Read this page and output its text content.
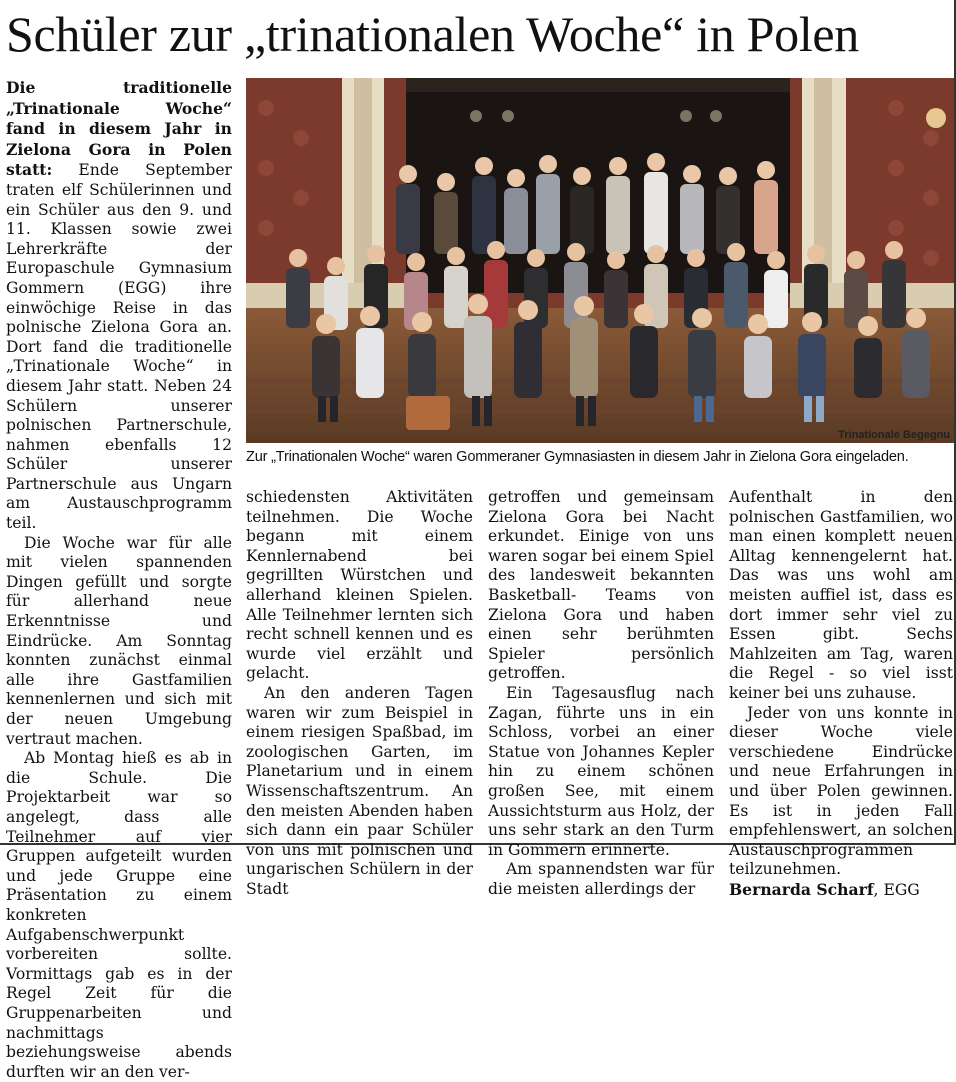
Schüler zur „trinationalen Woche“ in Polen

Die traditionelle „Trinationale Woche“ fand in diesem Jahr in Zielona Gora in Polen statt: Ende September traten elf Schülerinnen und ein Schüler aus den 9. und 11. Klassen sowie zwei Lehrerkräfte der Europaschule Gymnasium Gommern (EGG) ihre einwöchige Reise in das polnische Zielona Gora an. Dort fand die traditionelle „Trinationale Woche“ in diesem Jahr statt. Neben 24 Schülern unserer polnischen Partnerschule, nahmen ebenfalls 12 Schüler unserer Partnerschule aus Ungarn am Austauschprogramm teil.

Die Woche war für alle mit vielen spannenden Dingen gefüllt und sorgte für allerhand neue Erkenntnisse und Eindrücke. Am Sonntag konnten zunächst einmal alle ihre Gastfamilien kennenlernen und sich mit der neuen Umgebung vertraut machen.

Ab Montag hieß es ab in die Schule. Die Projektarbeit war so angelegt, dass alle Teilnehmer auf vier Gruppen aufgeteilt wurden und jede Gruppe eine Präsentation zu einem konkreten Aufgabenschwerpunkt vorbereiten sollte. Vormittags gab es in der Regel Zeit für die Gruppenarbeiten und nachmittags beziehungsweise abends durften wir an den ver-

Trinationale Begegnu
Zur „Trinationalen Woche“ waren Gommeraner Gymnasiasten in diesem Jahr in Zielona Gora eingeladen.

schiedensten Aktivitäten teilnehmen. Die Woche begann mit einem Kennlernabend bei gegrillten Würstchen und allerhand kleinen Spielen. Alle Teilnehmer lernten sich recht schnell kennen und es wurde viel erzählt und gelacht.

An den anderen Tagen waren wir zum Beispiel in einem riesigen Spaßbad, im zoologischen Garten, im Planetarium und in einem Wissenschaftszentrum. An den meisten Abenden haben sich dann ein paar Schüler von uns mit polnischen und ungarischen Schülern in der Stadt

getroffen und gemeinsam Zielona Gora bei Nacht erkundet. Einige von uns waren sogar bei einem Spiel des landesweit bekannten Basketball- Teams von Zielona Gora und haben einen sehr berühmten Spieler persönlich getroffen.

Ein Tagesausflug nach Zagan, führte uns in ein Schloss, vorbei an einer Statue von Johannes Kepler hin zu einem schönen großen See, mit einem Aussichtsturm aus Holz, der uns sehr stark an den Turm in Gommern erinnerte.

Am spannendsten war für die meisten allerdings der

Aufenthalt in den polnischen Gastfamilien, wo man einen komplett neuen Alltag kennengelernt hat. Das was uns wohl am meisten auffiel ist, dass es dort immer sehr viel zu Essen gibt. Sechs Mahlzeiten am Tag, waren die Regel - so viel isst keiner bei uns zuhause.

Jeder von uns konnte in dieser Woche viele verschiedene Eindrücke und neue Erfahrungen in und über Polen gewinnen. Es ist in jeden Fall empfehlenswert, an solchen Austauschprogrammen teilzunehmen.

Bernarda Scharf, EGG
